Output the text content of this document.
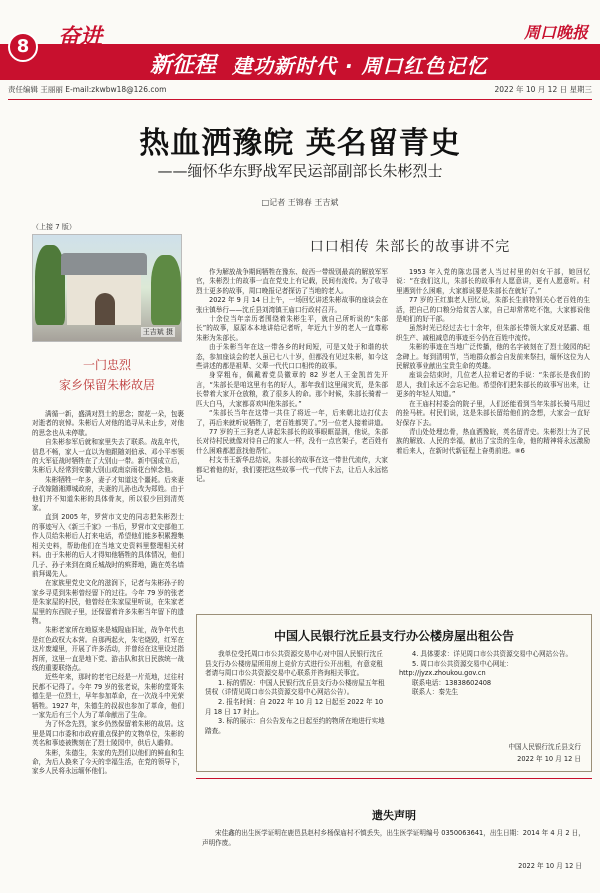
8	奋进
新征程 建功新时代 · 周口红色记忆
周口晚报
责任编辑 王丽丽 E-mail:zkwbw18@126.com	2022 年 10 月 12 日 星期三
热血洒豫皖 英名留青史
——缅怀华东野战军民运部副部长朱彬烈士
□记者 王锦春 王吉斌
（上接 7 版）
王吉斌 摄
一门忠烈
家乡保留朱彬故居

满循一新，盛满对烈士的思念；窗花一朵，包裹对逝者的哀悼。朱彬后人对他的追寻从未止步，对他的思念也从未停歇。

自朱彬参军后就和家里失去了联系。战乱年代，信息不畅，家人一直以为他跟随刘伯承、邓小平率领的大军征战时牺牲在了大别山一带。新中国成立后，朱彬后人经常到安徽大别山或南京雨花台悼念他。

朱彬牺牲一年多，妻子才知道这个噩耗。后来妻子改嫁随湘潭城政府，夫妻的儿孙也改为郑姓。由于他们并不知道朱彬的具体骨灰，所以很少回到清英家。

直到 2005 年，罗营市文史的同志把朱彬烈士的事迹写入《新三千家》一书后，罗营市文史部他工作人员给朱彬后人打来电话，希望他们能多积累搜集相关史料，帮助他们在当地文史资料里整理相关材料。由于朱彬的后人才得知他牺牲的具体情况，他们几子、孙子来到在商丘城战时的殡葬地，跪在英名墙前拜谒先人。

在家族里党史文化的滋润下，记者与朱彬孙子的家乡寻觅到朱彬曾经留下的过往。今年 79 岁的张老是朱家屋的村民，他曾经在朱家屋里听说，在朱家老屋里的东西院子里，还保留着许多朱彬当年留下的遗物。

朱彬老家所在地原来是城隍庙旧址，战争年代也是红色政权大本营。自那两起火，朱宅烧毁，红军在这片废墟里，开展了许多活动，并曾经在这里设过指挥所，这里一直是地下党、游击队和抗日民族统一战线的重要联络点。

近些年来，那时的老宅已经是一片荒地，过往村民都不记得了。今年 79 岁的张老说，朱彬的堂哥朱德生是一位烈士，早年参加革命，在一次战斗中光荣牺牲。1927 年，朱德生的叔叔也参加了革命，他们一家先后有三个人为了革命献出了生命。

为了怀念先烈，家乡仍然保留着朱彬的故居。这里是周口市委和市政府重点保护的文物单位，朱彬的英名和事迹被镌刻在了烈士陵园中，供后人瞻仰。

朱彬，朱德生，朱家的先烈们以他们的鲜血和生命，为后人换来了今天的幸福生活，在党的领导下，家乡人民将永远缅怀他们。

口口相传 朱部长的故事讲不完

作为解放战争期间牺牲在豫东、皖西一带级别最高的解放军军官，朱彬烈士的故事一直在党史上有记载，民间有流传。为了收寻烈士更多的故事，周口晚报记者探访了当地的老人。

2022 年 9 月 14 日上午，一场回忆讲述朱彬故事的座谈会在张庄镇举行——沈丘县刘湾镇王庙口行政村召开。

十余位当年亲历者围绕着朱彬生平，就自己所听说的“朱部长”的故事，原原本本地讲给记者听，年近九十岁的老人一直尊称朱彬为朱部长。

由于朱彬当年在这一带各乡的时间短，可是又处于和谐的状态，参加座谈会的老人虽已七八十岁，但都没有见过朱彬，如今这些讲述的都是祖辈、父辈一代代口口相传的故事。

身穿粗布，佩戴着党员徽章的 82 岁老人王金凯首先开言，“朱部长是咱这里有名的好人，那年我们这里闹灾荒，是朱部长带着大家开仓放粮，救了很多人的命。那个时候，朱部长骑着一匹大白马，大家都喜欢叫他朱部长。”

“朱部长当年在这带一共住了将近一年，后来朝北边打仗去了，再后来就听说牺牲了，老百姓都哭了。”另一位老人接着讲道。

77 岁的王三狗老人讲起朱部长的故事眼眶湿润，他说，朱部长对待村民就像对待自己的家人一样，没有一点官架子，老百姓有什么困难都愿意找他帮忙。

村支书王新华总结说，朱部长的故事在这一带世代流传，大家都记着他的好，我们要把这些故事一代一代传下去，让后人永远铭记。

1953 年入党的陈忠国老人当过村里的妇女干部，她回忆说：“在我们这儿，朱部长的故事有人愿意讲，更有人愿意听。村里遇到什么困难，大家都说要是朱部长在就好了。”

77 岁的王红旗老人回忆说，朱部长生前特别关心老百姓的生活，把自己的口粮分给贫苦人家，自己却常常吃不饱，大家都说他是咱们的好干部。

虽然时光已经过去七十余年，但朱部长带领大家反对恶霸、组织生产、减租减息的事迹至今仍在百姓中流传。

朱彬的事迹在当地广泛传播，他的名字被刻在了烈士陵园的纪念碑上。每到清明节，当地群众都会自发前来祭扫，缅怀这位为人民解放事业献出宝贵生命的英雄。

座谈会结束时，几位老人拉着记者的手说：“朱部长是我们的恩人，我们永远不会忘记他。希望你们把朱部长的故事写出来，让更多的年轻人知道。”

在王庙村村委会的院子里，人们还能看到当年朱部长骑马用过的拴马桩。村民们说，这是朱部长留给他们的念想，大家会一直好好保存下去。

青山处处埋忠骨，热血洒豫皖，英名留青史。朱彬烈士为了民族的解放、人民的幸福，献出了宝贵的生命，他的精神将永远激励着后来人，在新时代新征程上奋勇前进。⑧6

中国人民银行沈丘县支行办公楼房屋出租公告

我单位受托周口市公共资源交易中心对中国人民银行沈丘县支行办公楼房屋所用房上竞价方式进行公开出租，有意竞租者请与周口市公共资源交易中心联系并咨询相关事宜。

1. 标的情况：中国人民银行沈丘县支行办公楼房屋五年租赁权（详情见周口市公共资源交易中心网站公告）。

2. 报名时间：自 2022 年 10 月 12 日起至 2022 年 10 月 18 日 17 时止。

3. 标的展示：自公告发布之日起至约的物所在地进行实地踏查。

4. 具体要求：详见周口市公共资源交易中心网站公告。

5. 周口市公共资源交易中心网址：http://jyzx.zhoukou.gov.cn

联系电话：13838602408

联系人：秦先生

中国人民银行沈丘县支行
2022 年 10 月 12 日
遗失声明
宋佳鑫的出生医学证明在鹿邑县赵村乡杨保庙村不慎丢失，出生医学证明编号 0350063641，出生日期：2014 年 4 月 2 日，声明作废。
2022 年 10 月 12 日
